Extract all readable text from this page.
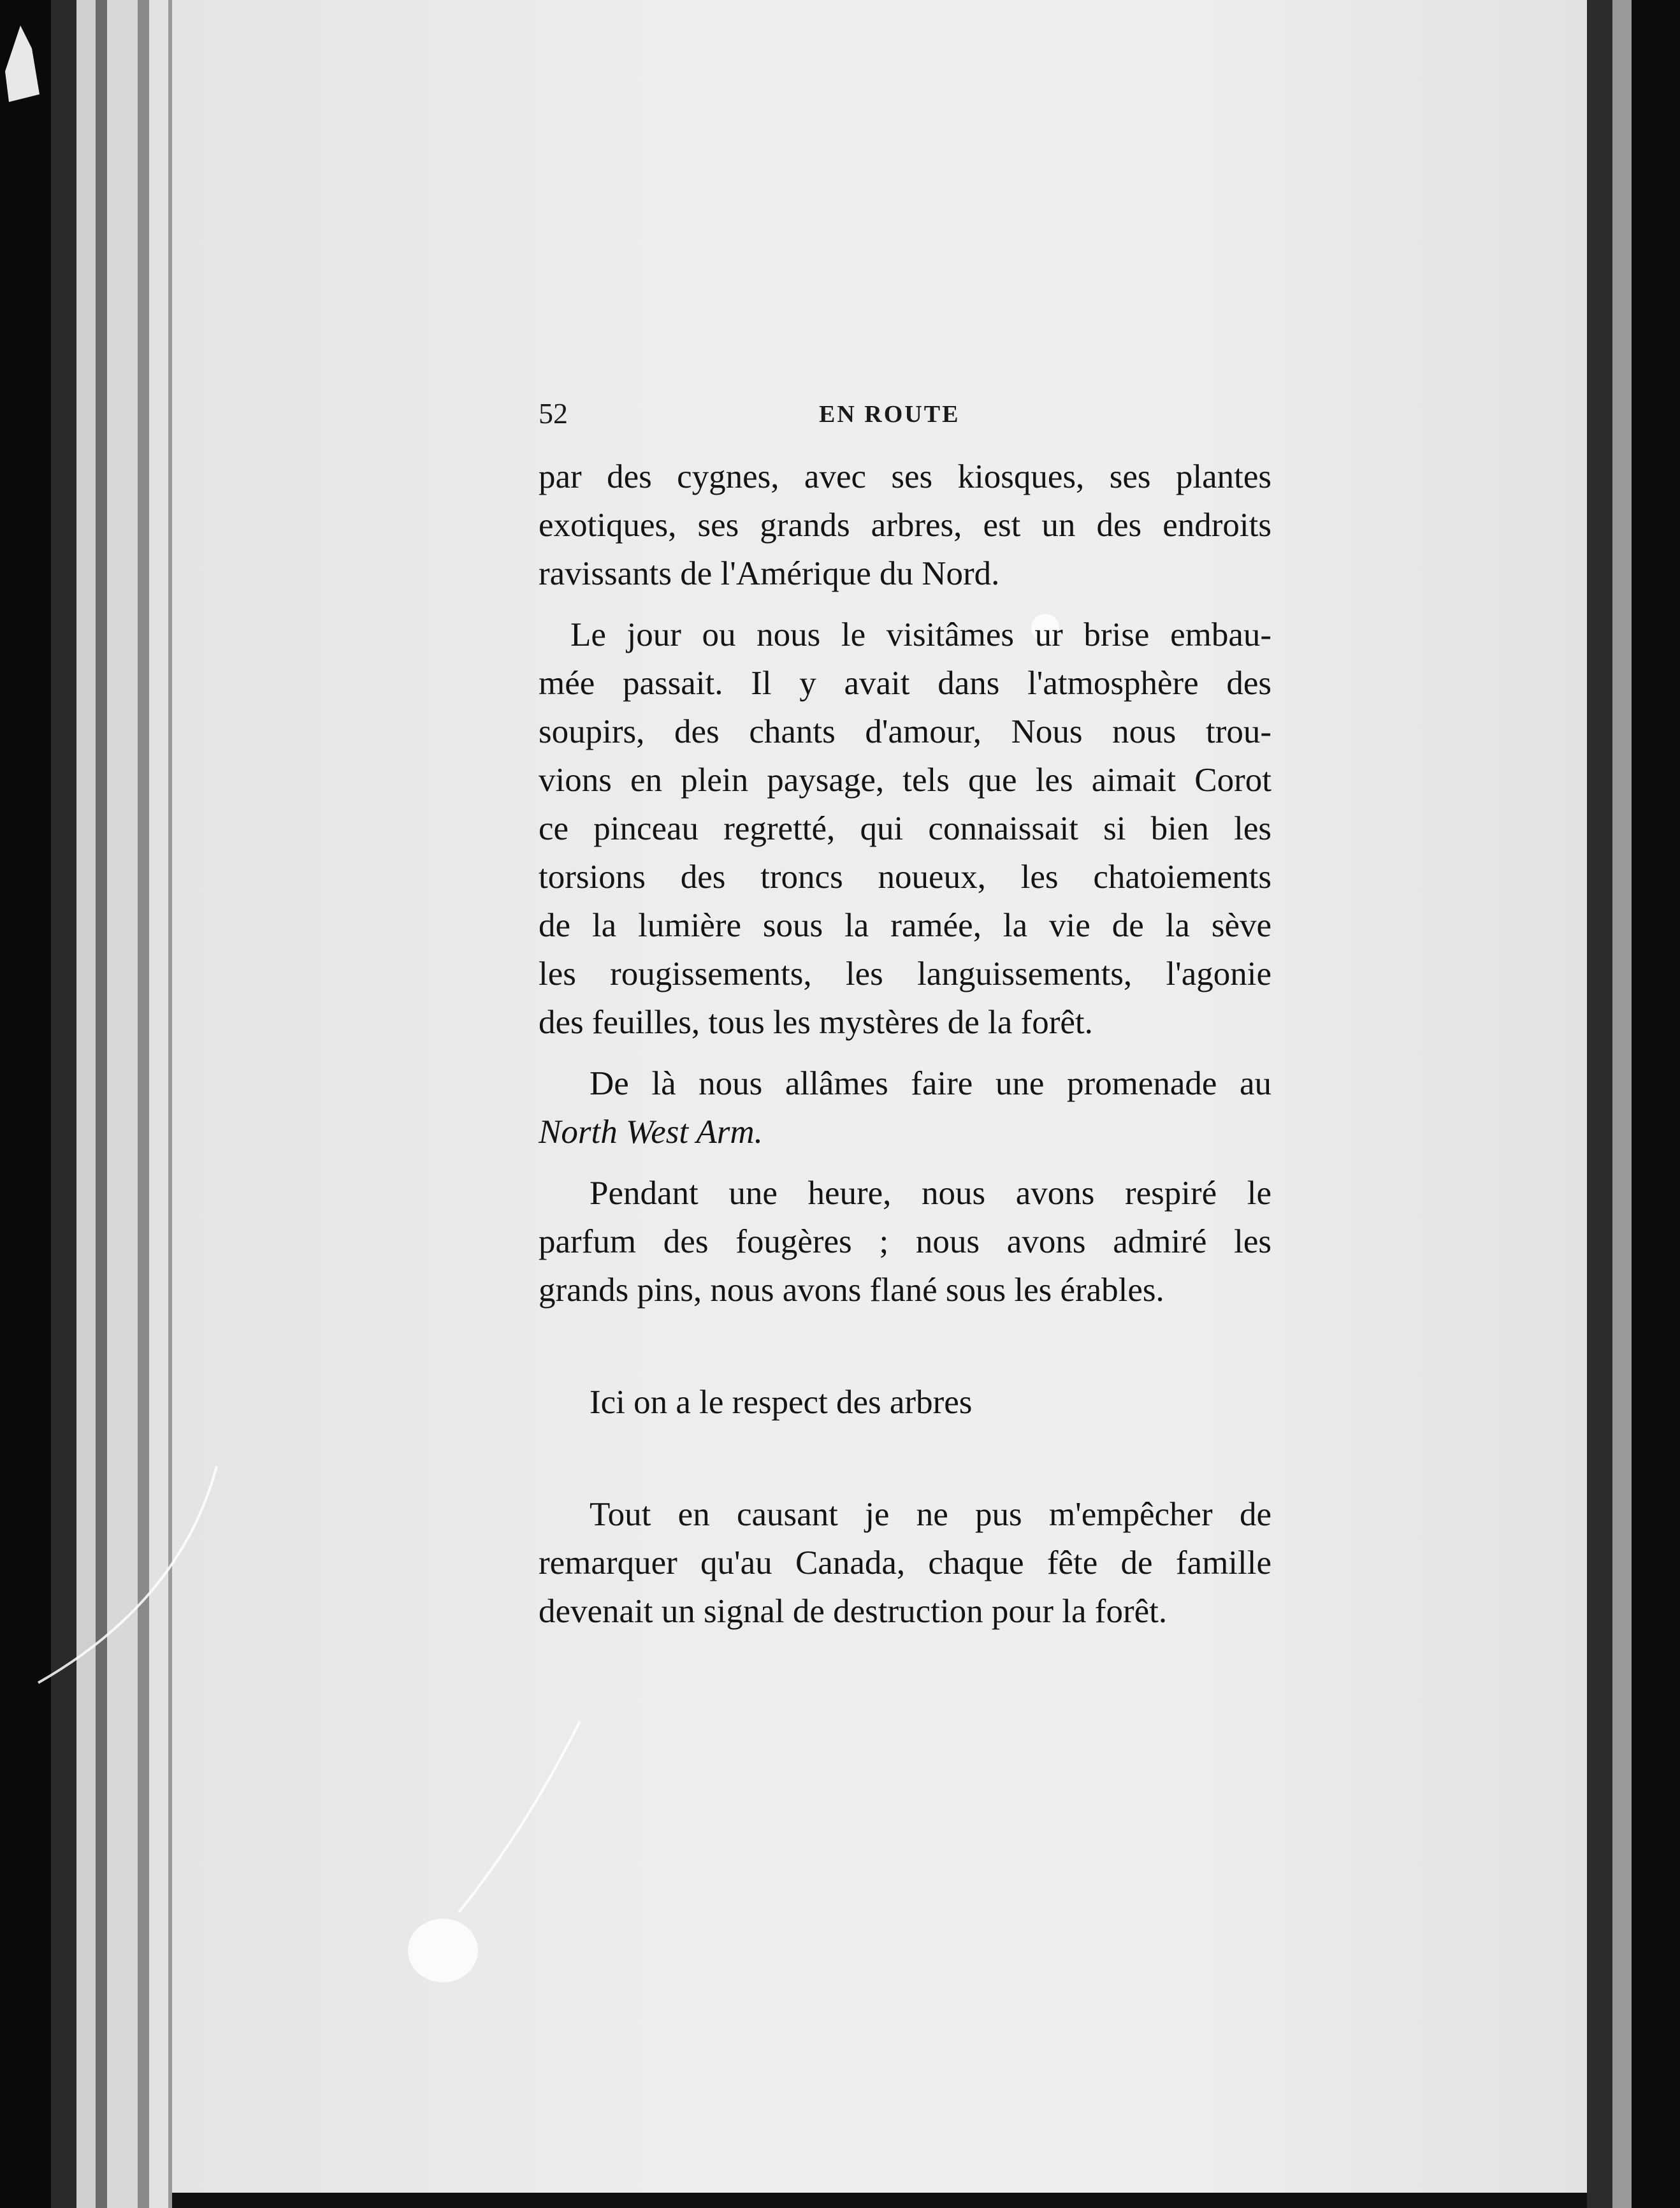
52	EN ROUTE

par des cygnes, avec ses kiosques, ses plantes

exotiques, ses grands arbres, est un des endroits

ravissants de l'Amérique du Nord.

Le jour ou nous le visitâmes ur brise embau-

mée passait. Il y avait dans l'atmosphère des

soupirs, des chants d'amour, Nous nous trou-

vions en plein paysage, tels que les aimait Corot

ce pinceau regretté, qui connaissait si bien les

torsions des troncs noueux, les chatoiements

de la lumière sous la ramée, la vie de la sève

les rougissements, les languissements, l'agonie

des feuilles, tous les mystères de la forêt.

De là nous allâmes faire une promenade au

North West Arm.

Pendant une heure, nous avons respiré le

parfum des fougères ; nous avons admiré les

grands pins, nous avons flané sous les érables.

Ici on a le respect des arbres

Tout en causant je ne pus m'empêcher de

remarquer qu'au Canada, chaque fête de famille

devenait un signal de destruction pour la forêt.
